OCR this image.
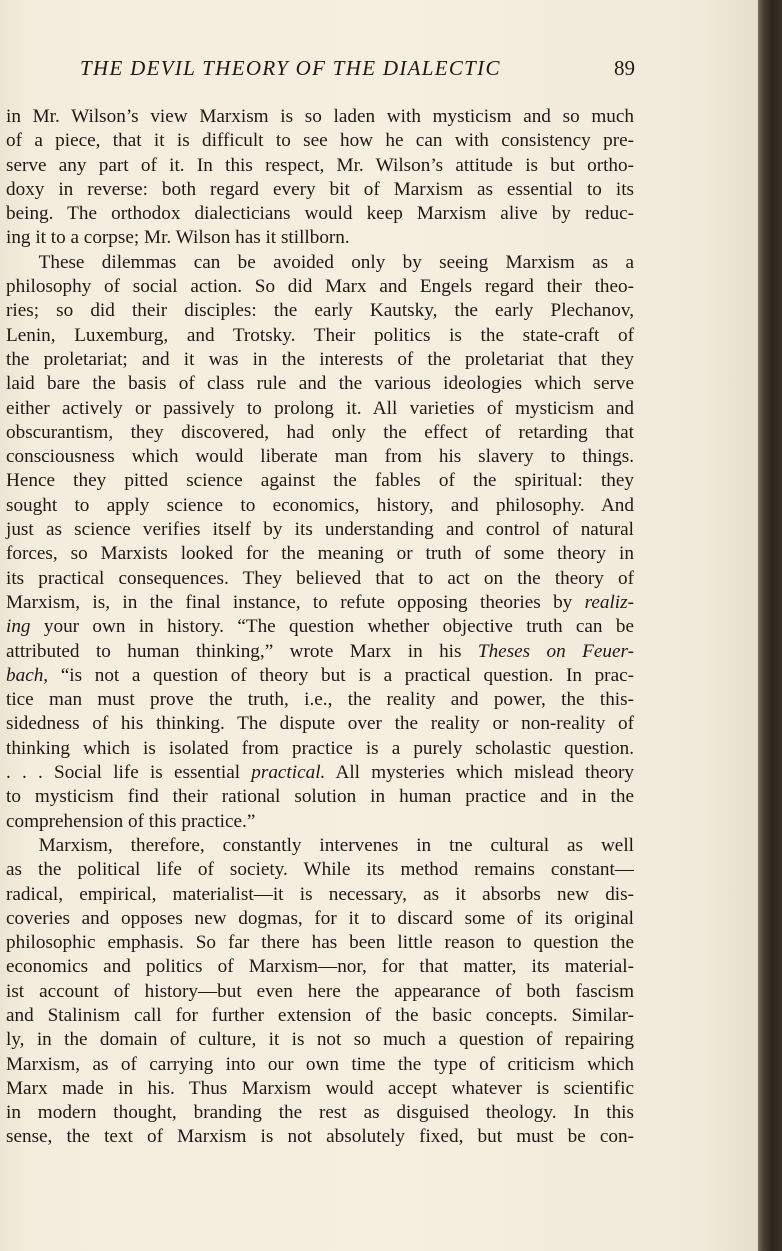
THE DEVIL THEORY OF THE DIALECTIC	89

in Mr. Wilson’s view Marxism is so laden with mysticism and so much
of a piece, that it is difficult to see how he can with consistency pre-
serve any part of it. In this respect, Mr. Wilson’s attitude is but ortho-
doxy in reverse: both regard every bit of Marxism as essential to its
being. The orthodox dialecticians would keep Marxism alive by reduc-
ing it to a corpse; Mr. Wilson has it stillborn.

These dilemmas can be avoided only by seeing Marxism as a
philosophy of social action. So did Marx and Engels regard their theo-
ries; so did their disciples: the early Kautsky, the early Plechanov,
Lenin, Luxemburg, and Trotsky. Their politics is the state-craft of
the proletariat; and it was in the interests of the proletariat that they
laid bare the basis of class rule and the various ideologies which serve
either actively or passively to prolong it. All varieties of mysticism and
obscurantism, they discovered, had only the effect of retarding that
consciousness which would liberate man from his slavery to things.
Hence they pitted science against the fables of the spiritual: they
sought to apply science to economics, history, and philosophy. And
just as science verifies itself by its understanding and control of natural
forces, so Marxists looked for the meaning or truth of some theory in
its practical consequences. They believed that to act on the theory of
Marxism, is, in the final instance, to refute opposing theories by realiz-
ing your own in history. “The question whether objective truth can be
attributed to human thinking,” wrote Marx in his Theses on Feuer-
bach, “is not a question of theory but is a practical question. In prac-
tice man must prove the truth, i.e., the reality and power, the this-
sidedness of his thinking. The dispute over the reality or non-reality of
thinking which is isolated from practice is a purely scholastic question.
. . . Social life is essential practical. All mysteries which mislead theory
to mysticism find their rational solution in human practice and in the
comprehension of this practice.”

Marxism, therefore, constantly intervenes in tne cultural as well
as the political life of society. While its method remains constant—
radical, empirical, materialist—it is necessary, as it absorbs new dis-
coveries and opposes new dogmas, for it to discard some of its original
philosophic emphasis. So far there has been little reason to question the
economics and politics of Marxism—nor, for that matter, its material-
ist account of history—but even here the appearance of both fascism
and Stalinism call for further extension of the basic concepts. Similar-
ly, in the domain of culture, it is not so much a question of repairing
Marxism, as of carrying into our own time the type of criticism which
Marx made in his. Thus Marxism would accept whatever is scientific
in modern thought, branding the rest as disguised theology. In this
sense, the text of Marxism is not absolutely fixed, but must be con-
